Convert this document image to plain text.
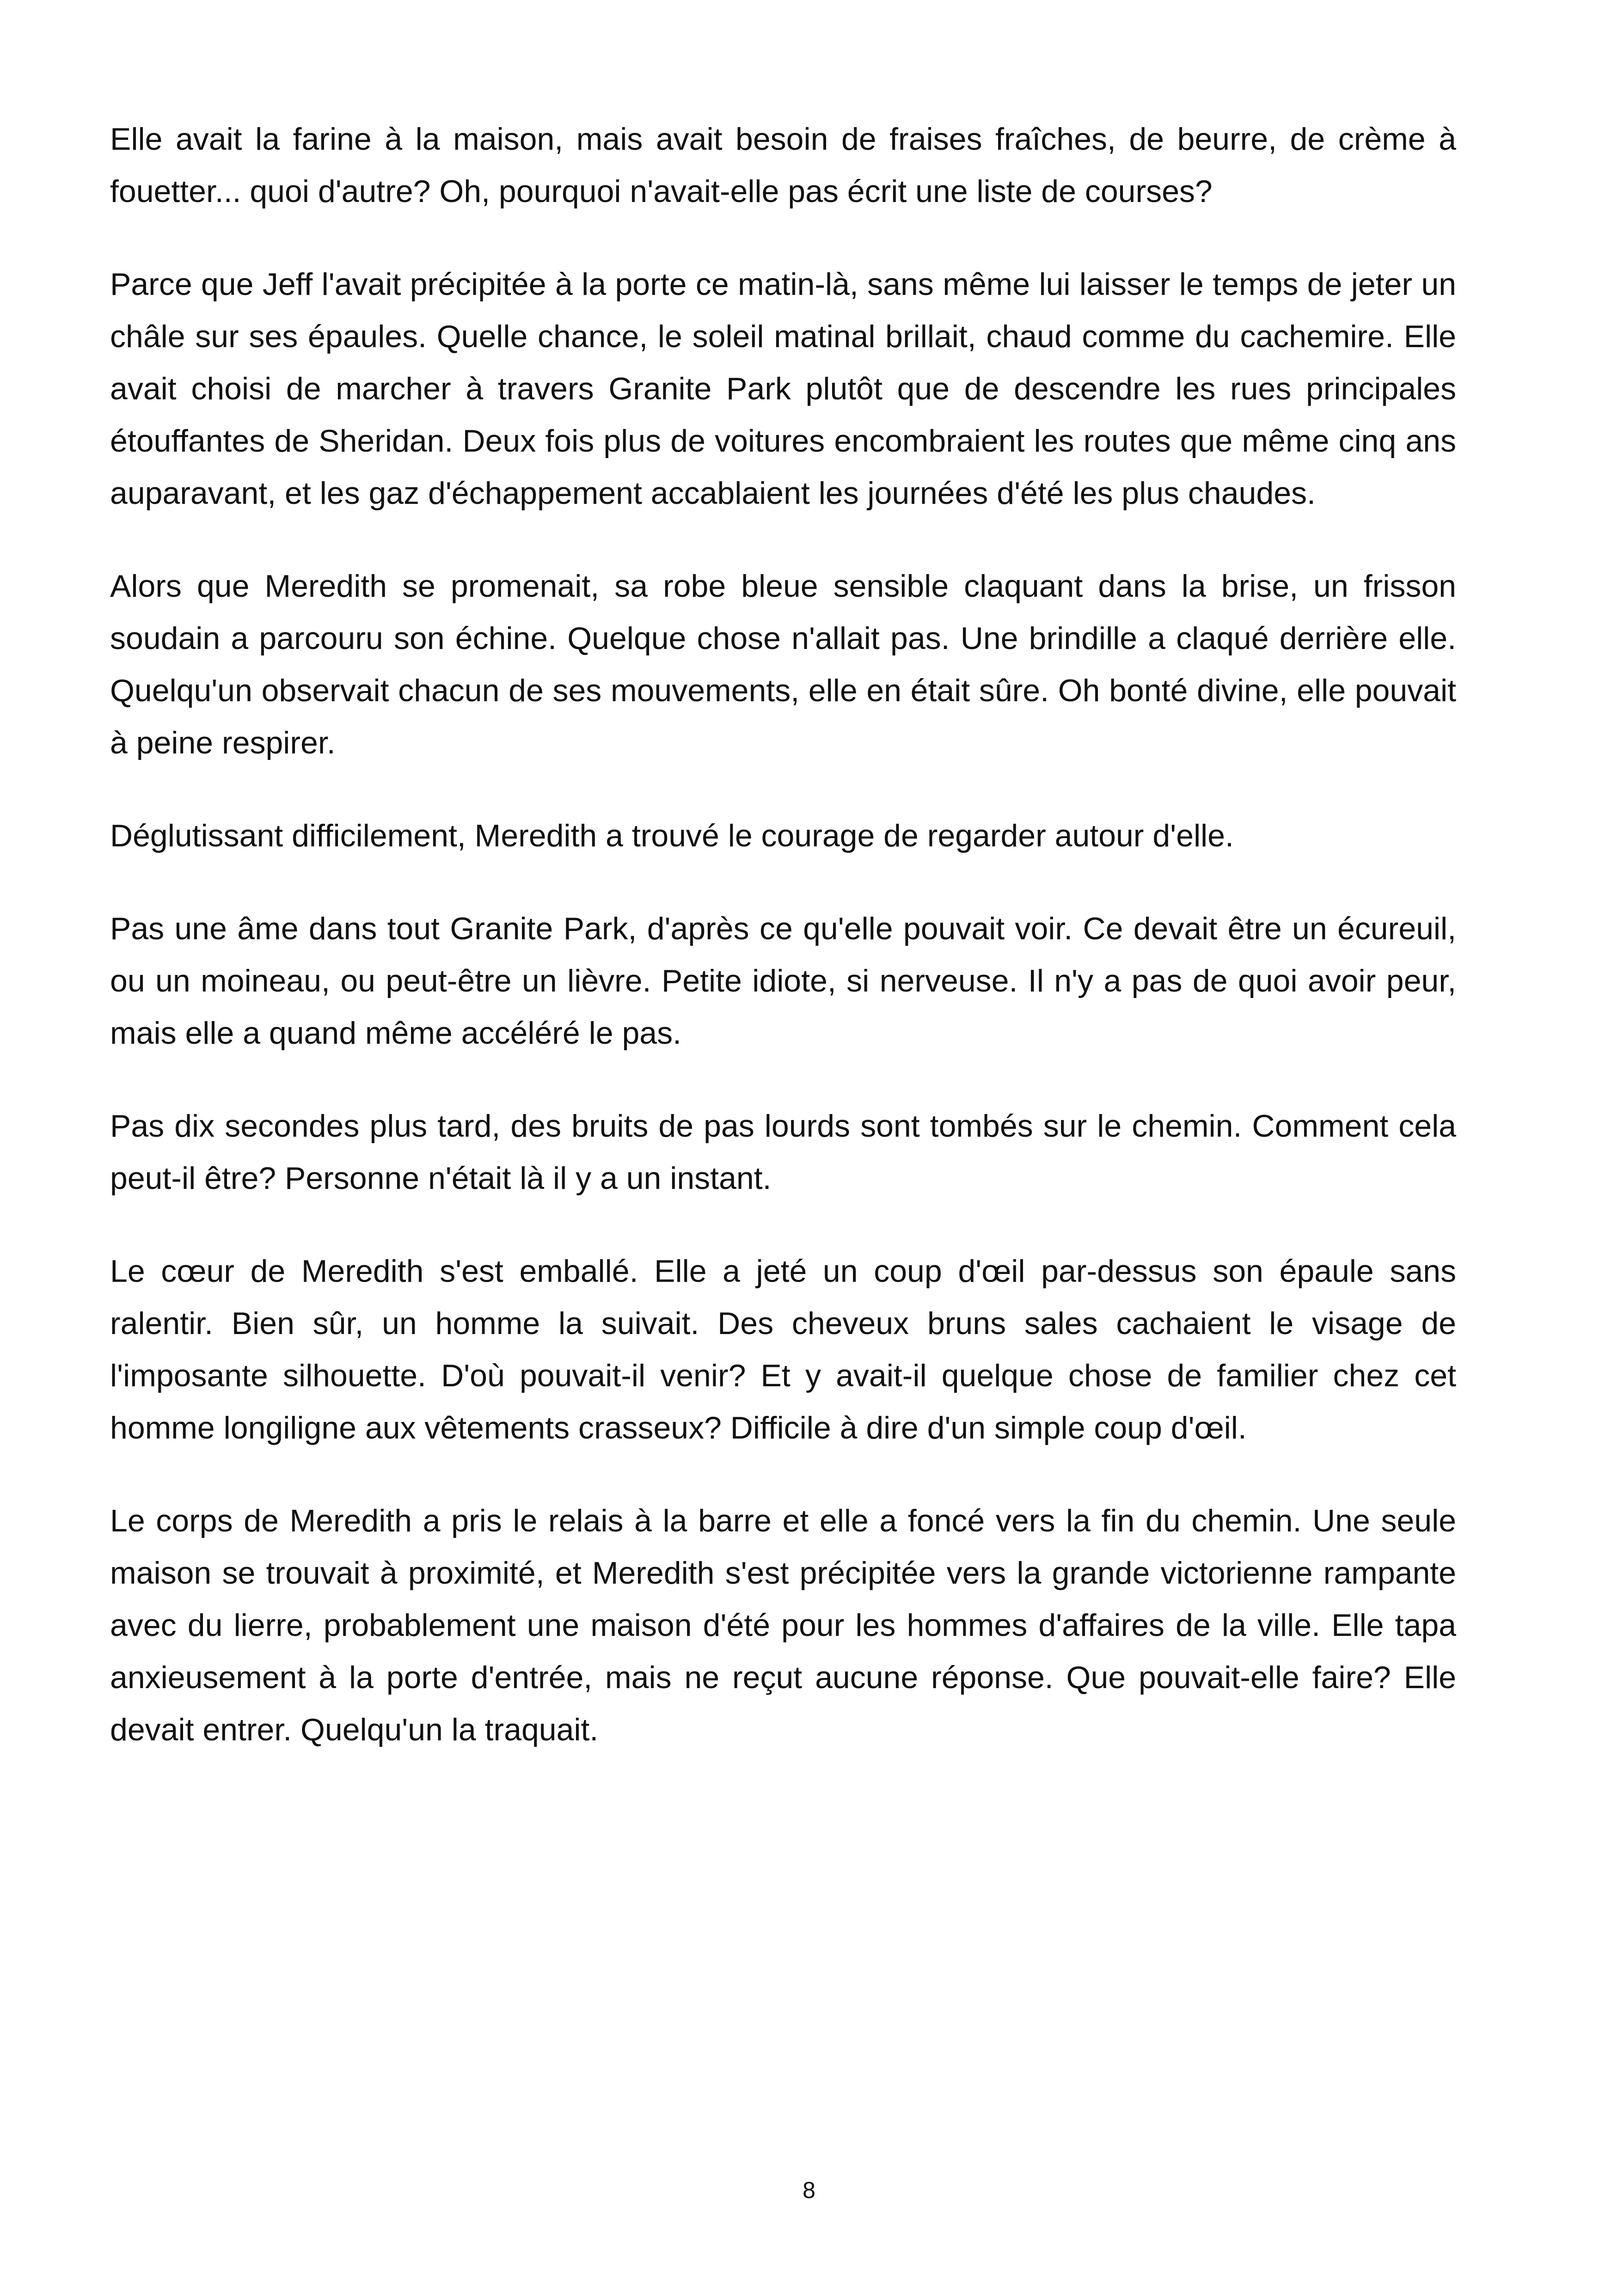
Elle avait la farine à la maison, mais avait besoin de fraises fraîches, de beurre, de crème à fouetter... quoi d'autre? Oh, pourquoi n'avait-elle pas écrit une liste de courses?

Parce que Jeff l'avait précipitée à la porte ce matin-là, sans même lui laisser le temps de jeter un châle sur ses épaules. Quelle chance, le soleil matinal brillait, chaud comme du cachemire. Elle avait choisi de marcher à travers Granite Park plutôt que de descendre les rues principales étouffantes de Sheridan. Deux fois plus de voitures encombraient les routes que même cinq ans auparavant, et les gaz d'échappement accablaient les journées d'été les plus chaudes.

Alors que Meredith se promenait, sa robe bleue sensible claquant dans la brise, un frisson soudain a parcouru son échine. Quelque chose n'allait pas. Une brindille a claqué derrière elle. Quelqu'un observait chacun de ses mouvements, elle en était sûre. Oh bonté divine, elle pouvait à peine respirer.

Déglutissant difficilement, Meredith a trouvé le courage de regarder autour d'elle.

Pas une âme dans tout Granite Park, d'après ce qu'elle pouvait voir. Ce devait être un écureuil, ou un moineau, ou peut-être un lièvre. Petite idiote, si nerveuse. Il n'y a pas de quoi avoir peur, mais elle a quand même accéléré le pas.

Pas dix secondes plus tard, des bruits de pas lourds sont tombés sur le chemin. Comment cela peut-il être? Personne n'était là il y a un instant.

Le cœur de Meredith s'est emballé. Elle a jeté un coup d'œil par-dessus son épaule sans ralentir. Bien sûr, un homme la suivait. Des cheveux bruns sales cachaient le visage de l'imposante silhouette. D'où pouvait-il venir? Et y avait-il quelque chose de familier chez cet homme longiligne aux vêtements crasseux? Difficile à dire d'un simple coup d'œil.

Le corps de Meredith a pris le relais à la barre et elle a foncé vers la fin du chemin. Une seule maison se trouvait à proximité, et Meredith s'est précipitée vers la grande victorienne rampante avec du lierre, probablement une maison d'été pour les hommes d'affaires de la ville. Elle tapa anxieusement à la porte d'entrée, mais ne reçut aucune réponse. Que pouvait-elle faire? Elle devait entrer. Quelqu'un la traquait.

8
